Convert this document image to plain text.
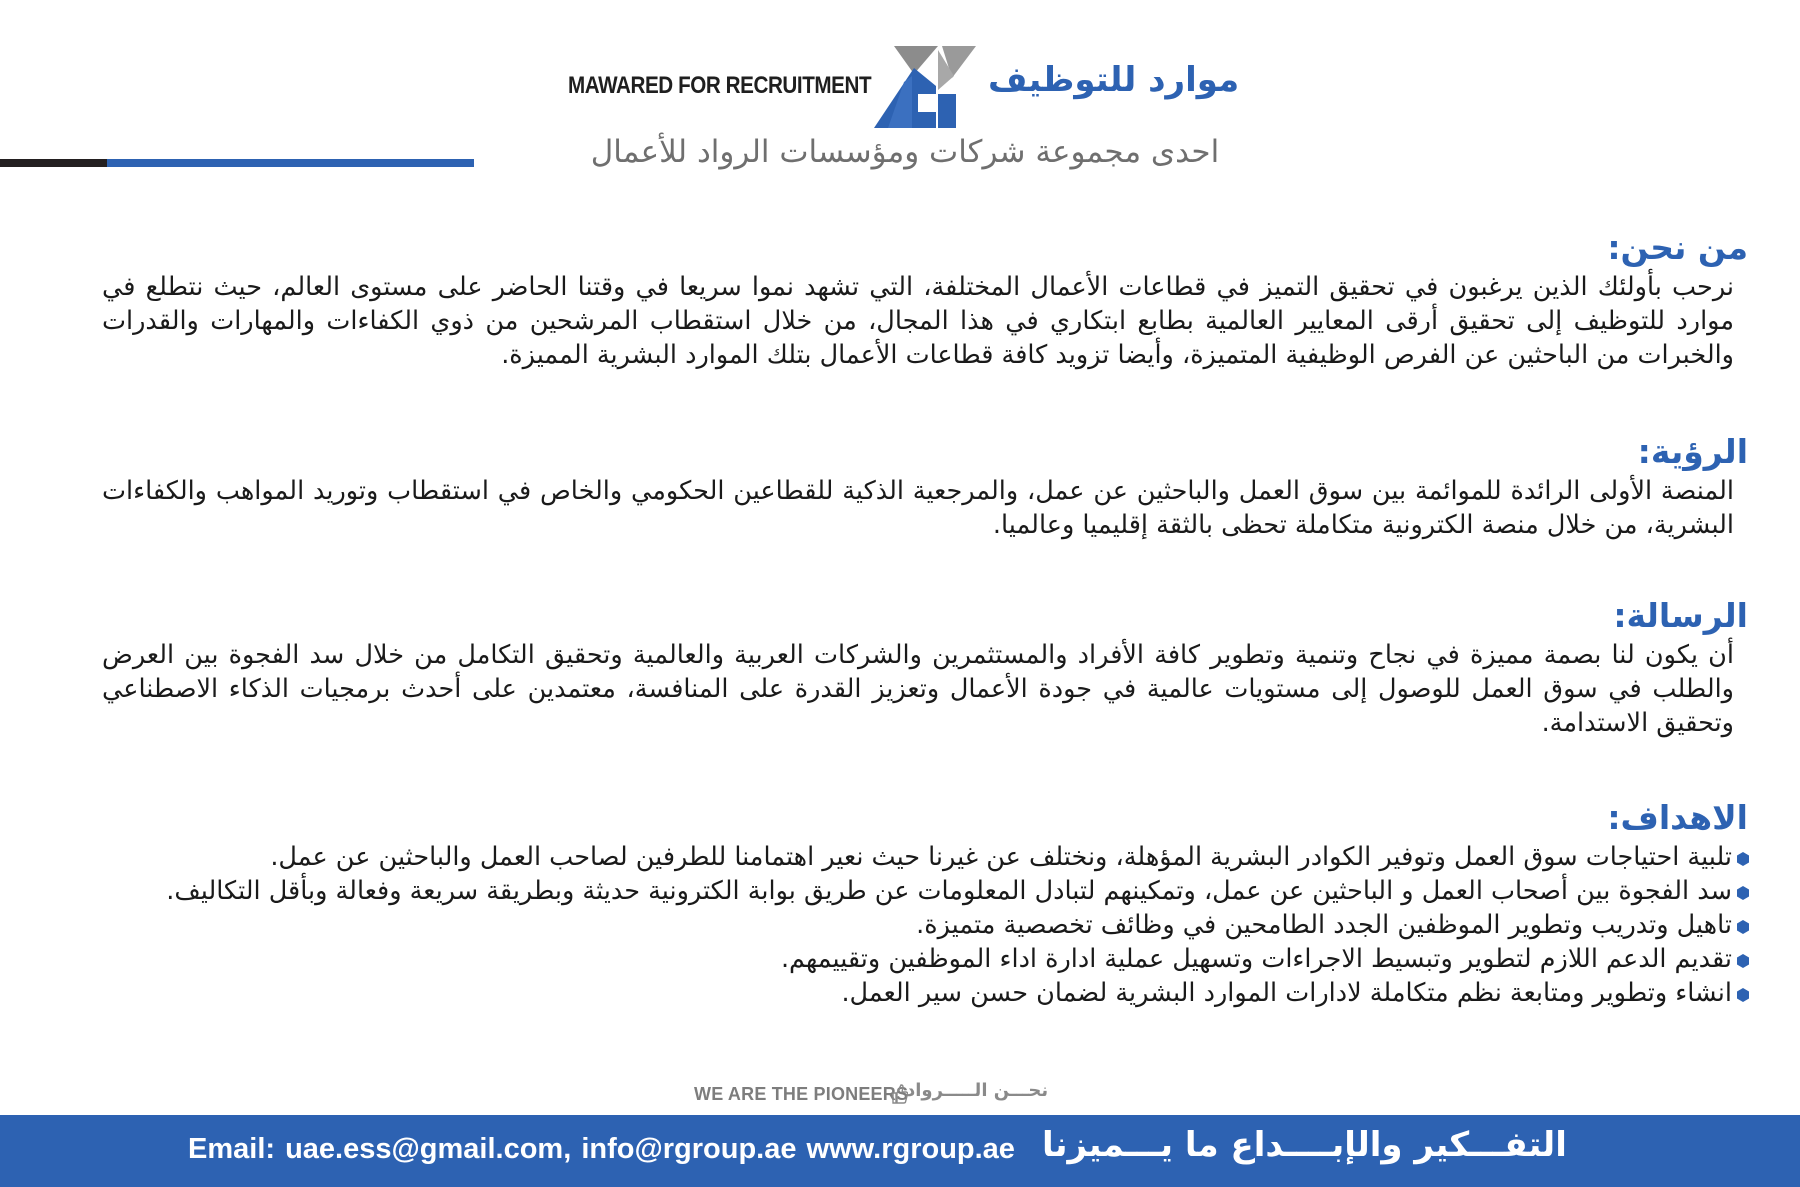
MAWARED FOR RECRUITMENT	موارد للتوظيف
احدى مجموعة شركات ومؤسسات الرواد للأعمال
من نحن:

نرحب بأولئك الذين يرغبون في تحقيق التميز في قطاعات الأعمال المختلفة، التي تشهد نموا سريعا في وقتنا الحاضر على مستوى العالم، حيث نتطلع في موارد للتوظيف إلى تحقيق أرقى المعايير العالمية بطابع ابتكاري في هذا المجال، من خلال استقطاب المرشحين من ذوي الكفاءات والمهارات والقدرات والخبرات من الباحثين عن الفرص الوظيفية المتميزة، وأيضا تزويد كافة قطاعات الأعمال بتلك الموارد البشرية المميزة.

الرؤية:

المنصة الأولى الرائدة للموائمة بين سوق العمل والباحثين عن عمل، والمرجعية الذكية للقطاعين الحكومي والخاص في استقطاب وتوريد المواهب والكفاءات البشرية، من خلال منصة الكترونية متكاملة تحظى بالثقة إقليميا وعالميا.

الرسالة:

أن يكون لنا بصمة مميزة في نجاح وتنمية وتطوير كافة الأفراد والمستثمرين والشركات العربية والعالمية وتحقيق التكامل من خلال سد الفجوة بين العرض والطلب في سوق العمل للوصول إلى مستويات عالمية في جودة الأعمال وتعزيز القدرة على المنافسة، معتمدين على أحدث برمجيات الذكاء الاصطناعي وتحقيق الاستدامة.

الاهداف:
تلبية احتياجات سوق العمل وتوفير الكوادر البشرية المؤهلة، ونختلف عن غيرنا حيث نعير اهتمامنا للطرفين لصاحب العمل والباحثين عن عمل.
سد الفجوة بين أصحاب العمل و الباحثين عن عمل، وتمكينهم لتبادل المعلومات عن طريق بوابة الكترونية حديثة وبطريقة سريعة وفعالة وبأقل التكاليف.
تاهيل وتدريب وتطوير الموظفين الجدد الطامحين في وظائف تخصصية متميزة.
تقديم الدعم اللازم لتطوير وتبسيط الاجراءات وتسهيل عملية ادارة اداء الموظفين وتقييمهم.
انشاء وتطوير ومتابعة نظم متكاملة لادارات الموارد البشرية لضمان حسن سير العمل.
WE ARE THE PIONEERS
نحـــن الـــــرواد
Email: uae.ess@gmail.com, info@rgroup.ae www.rgroup.ae التفـــكير والإبــــداع ما يـــميزنا
